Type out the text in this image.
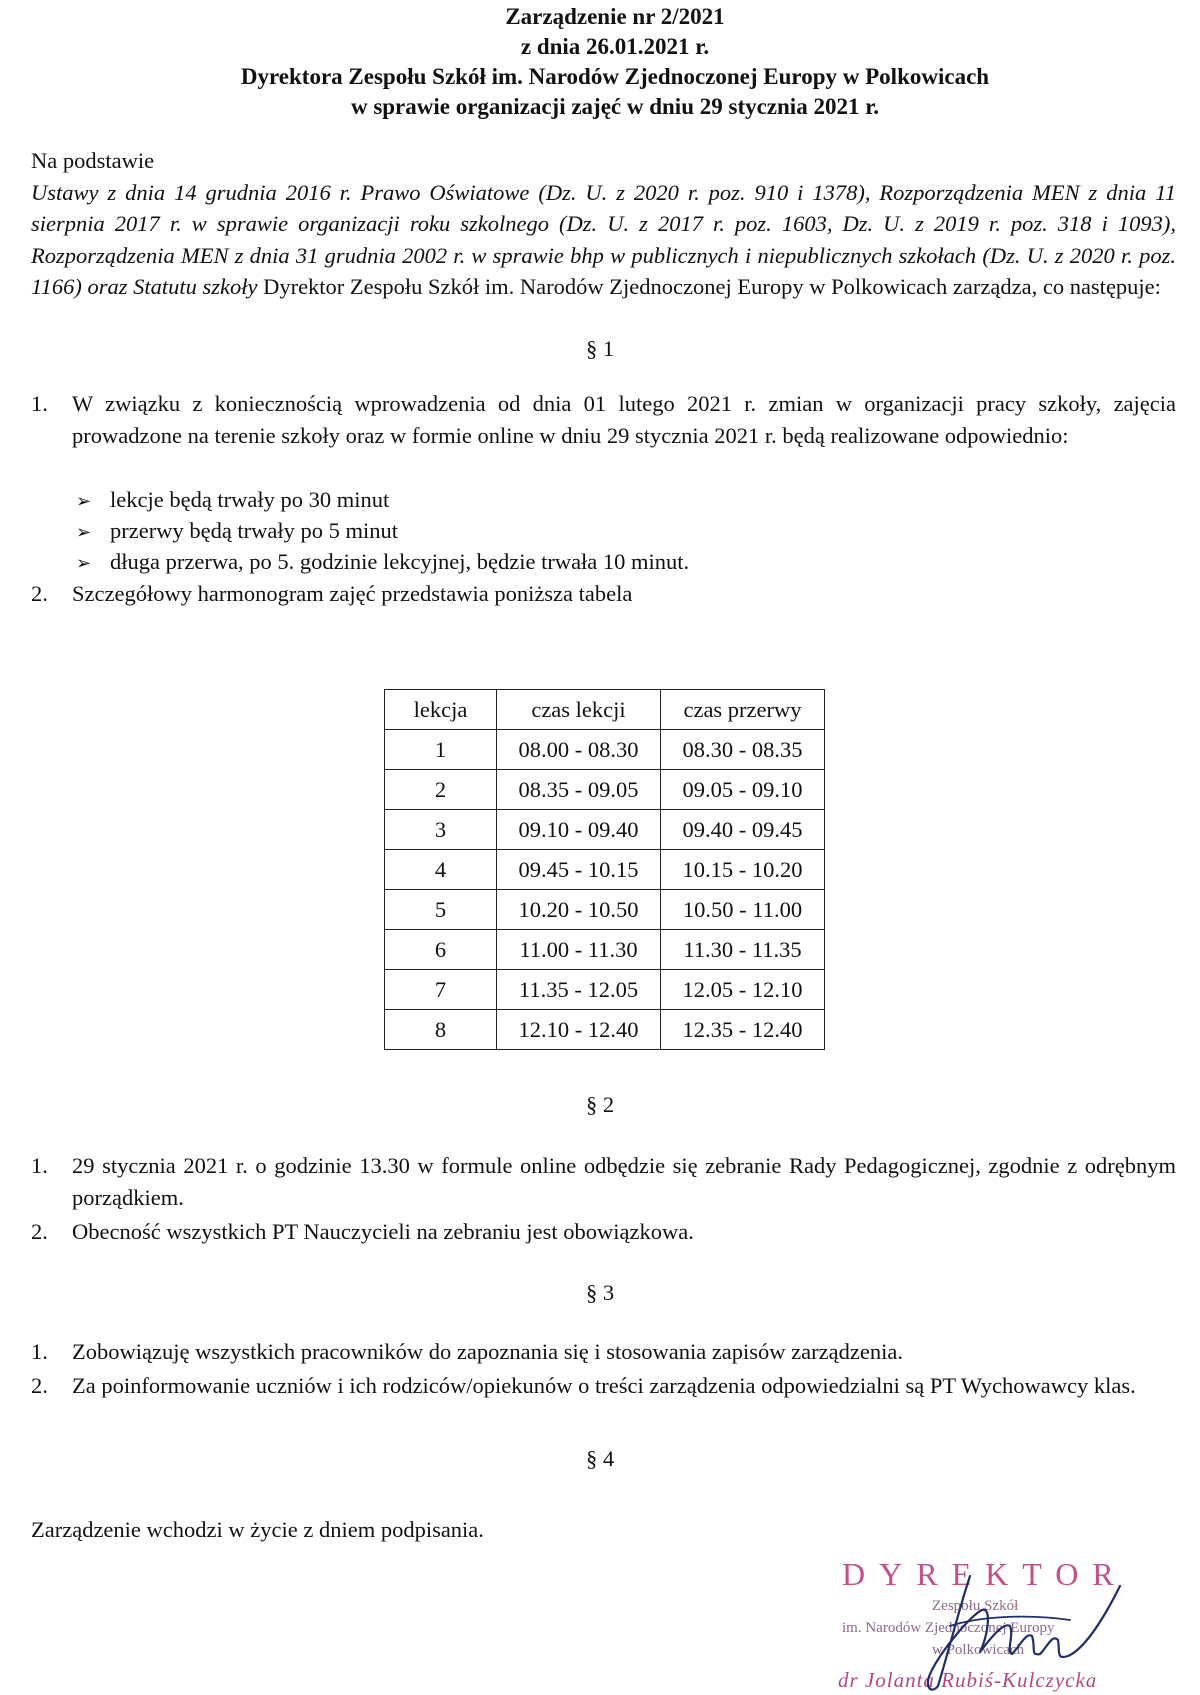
Zarządzenie nr 2/2021
z dnia 26.01.2021 r.
Dyrektora Zespołu Szkół im. Narodów Zjednoczonej Europy w Polkowicach
w sprawie organizacji zajęć w dniu 29 stycznia 2021 r.
Na podstawie
Ustawy z dnia 14 grudnia 2016 r. Prawo Oświatowe (Dz. U. z 2020 r. poz. 910 i 1378), Rozporządzenia MEN z dnia 11 sierpnia 2017 r. w sprawie organizacji roku szkolnego (Dz. U. z 2017 r. poz. 1603, Dz. U. z 2019 r. poz. 318 i 1093), Rozporządzenia MEN z dnia 31 grudnia 2002 r. w sprawie bhp w publicznych i niepublicznych szkołach (Dz. U. z 2020 r. poz. 1166) oraz Statutu szkoły Dyrektor Zespołu Szkół im. Narodów Zjednoczonej Europy w Polkowicach zarządza, co następuje:
§ 1
1. W związku z koniecznością wprowadzenia od dnia 01 lutego 2021 r. zmian w organizacji pracy szkoły, zajęcia prowadzone na terenie szkoły oraz w formie online w dniu 29 stycznia 2021 r. będą realizowane odpowiednio:
➢ lekcje będą trwały po 30 minut
➢ przerwy będą trwały po 5 minut
➢ długa przerwa, po 5. godzinie lekcyjnej, będzie trwała 10 minut.
2. Szczegółowy harmonogram zajęć przedstawia poniższa tabela
lekcja	czas lekcji	czas przerwy
1	08.00 - 08.30	08.30 - 08.35
2	08.35 - 09.05	09.05 - 09.10
3	09.10 - 09.40	09.40 - 09.45
4	09.45 - 10.15	10.15 - 10.20
5	10.20 - 10.50	10.50 - 11.00
6	11.00 - 11.30	11.30 - 11.35
7	11.35 - 12.05	12.05 - 12.10
8	12.10 - 12.40	12.35 - 12.40
§ 2
1. 29 stycznia 2021 r. o godzinie 13.30 w formule online odbędzie się zebranie Rady Pedagogicznej, zgodnie z odrębnym porządkiem.
2. Obecność wszystkich PT Nauczycieli na zebraniu jest obowiązkowa.
§ 3
1. Zobowiązuję wszystkich pracowników do zapoznania się i stosowania zapisów zarządzenia.
2. Za poinformowanie uczniów i ich rodziców/opiekunów o treści zarządzenia odpowiedzialni są PT Wychowawcy klas.
§ 4
Zarządzenie wchodzi w życie z dniem podpisania.
DYREKTOR
Zespołu Szkół
im. Narodów Zjednoczonej Europy
w Polkowicach
dr Jolanta Rubiś-Kulczycka
